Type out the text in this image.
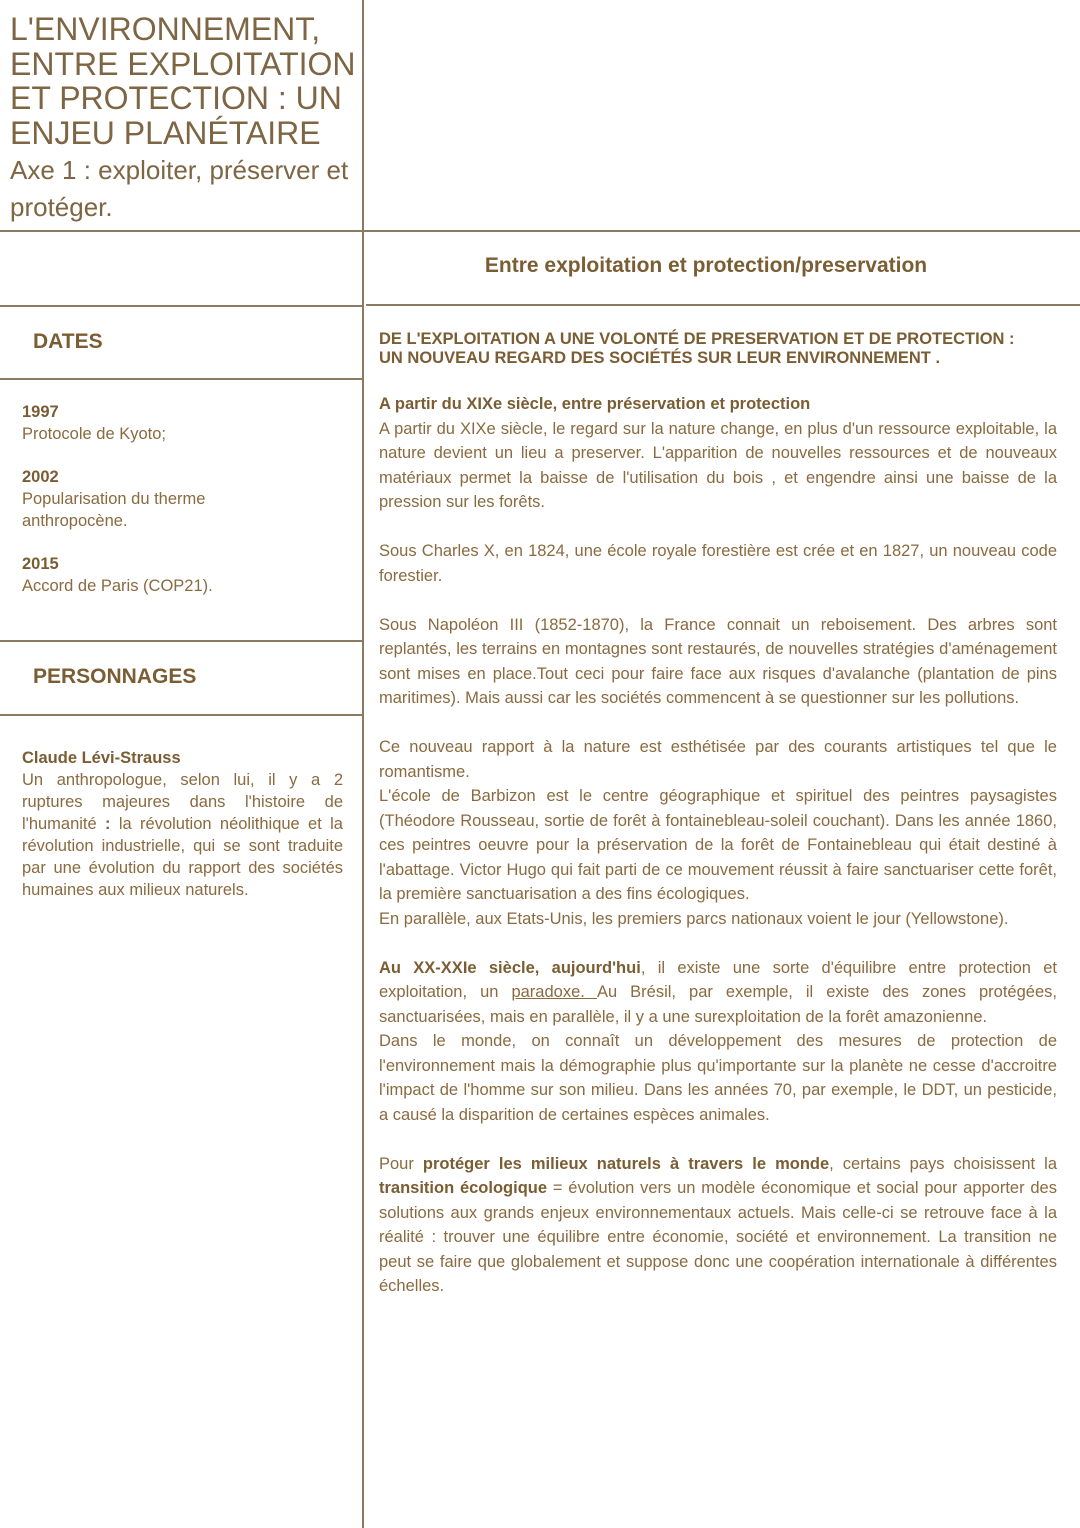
L'ENVIRONNEMENT, ENTRE EXPLOITATION ET PROTECTION : UN ENJEU PLANÉTAIRE
Axe 1 : exploiter, préserver et protéger.
Entre exploitation et protection/preservation
DATES
1997
Protocole de Kyoto;
2002
Popularisation du therme anthropocène.
2015
Accord de Paris (COP21).
PERSONNAGES
Claude Lévi-Strauss
Un anthropologue, selon lui, il y a 2 ruptures majeures dans l'histoire de l'humanité : la révolution néolithique et la révolution industrielle, qui se sont traduite par une évolution du rapport des sociétés humaines aux milieux naturels.
DE L'EXPLOITATION A UNE VOLONTÉ DE PRESERVATION ET DE PROTECTION :
UN NOUVEAU REGARD DES SOCIÉTÉS SUR LEUR ENVIRONNEMENT .
A partir du XIXe siècle, entre préservation et protection
A partir du XIXe siècle, le regard sur la nature change, en plus d'un ressource exploitable, la nature devient un lieu a preserver. L'apparition de nouvelles ressources et de nouveaux matériaux permet la baisse de l'utilisation du bois , et engendre ainsi une baisse de la pression sur les forêts.
Sous Charles X, en 1824, une école royale forestière est crée et en 1827, un nouveau code forestier.
Sous Napoléon III (1852-1870), la France connait un reboisement. Des arbres sont replantés, les terrains en montagnes sont restaurés, de nouvelles stratégies d'aménagement sont mises en place.Tout ceci pour faire face aux risques d'avalanche (plantation de pins maritimes). Mais aussi car les sociétés commencent à se questionner sur les pollutions.
Ce nouveau rapport à la nature est esthétisée par des courants artistiques tel que le romantisme.
L'école de Barbizon est le centre géographique et spirituel des peintres paysagistes (Théodore Rousseau, sortie de forêt à fontainebleau-soleil couchant). Dans les année 1860, ces peintres oeuvre pour la préservation de la forêt de Fontainebleau qui était destiné à l'abattage. Victor Hugo qui fait parti de ce mouvement réussit à faire sanctuariser cette forêt, la première sanctuarisation a des fins écologiques.
En parallèle, aux Etats-Unis, les premiers parcs nationaux voient le jour (Yellowstone).
Au XX-XXIe siècle, aujourd'hui, il existe une sorte d'équilibre entre protection et exploitation, un paradoxe. Au Brésil, par exemple, il existe des zones protégées, sanctuarisées, mais en parallèle, il y a une surexploitation de la forêt amazonienne.
Dans le monde, on connaît un développement des mesures de protection de l'environnement mais la démographie plus qu'importante sur la planète ne cesse d'accroitre l'impact de l'homme sur son milieu. Dans les années 70, par exemple, le DDT, un pesticide, a causé la disparition de certaines espèces animales.
Pour protéger les milieux naturels à travers le monde, certains pays choisissent la transition écologique = évolution vers un modèle économique et social pour apporter des solutions aux grands enjeux environnementaux actuels. Mais celle-ci se retrouve face à la réalité : trouver une équilibre entre économie, société et environnement. La transition ne peut se faire que globalement et suppose donc une coopération internationale à différentes échelles.
